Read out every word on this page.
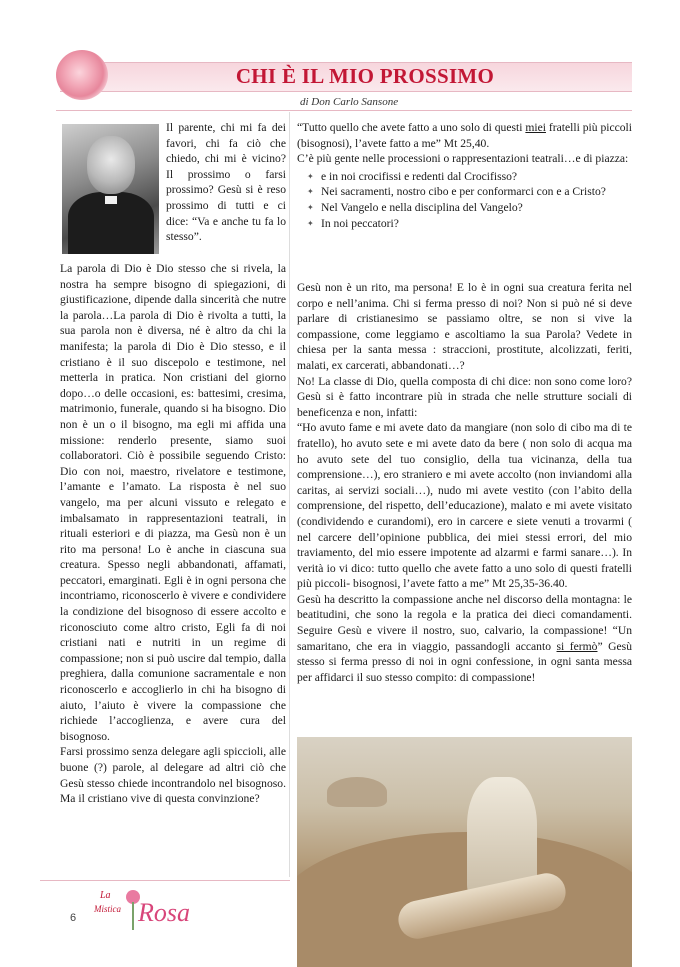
CHI È IL MIO PROSSIMO
di Don Carlo Sansone

Il parente, chi mi fa dei favori, chi fa ciò che chiedo, chi mi è vicino? Il prossimo o farsi prossimo? Gesù si è reso prossimo di tutti e ci dice: “Va e anche tu fa lo stesso”.

La parola di Dio è Dio stesso che si rivela, la nostra ha sempre bisogno di spiegazioni, di giustificazione, dipende dalla sincerità che nutre la parola…La parola di Dio è rivolta a tutti, la sua parola non è diversa, né è altro da chi la manifesta; la parola di Dio è Dio stesso, e il cristiano è il suo discepolo e testimone, nel metterla in pratica. Non cristiani del giorno dopo…o delle occasioni, es: battesimi, cresima, matrimonio, funerale, quando si ha bisogno. Dio non è un o il bisogno, ma egli mi affida una missione: renderlo presente, siamo suoi collaboratori. Ciò è possibile seguendo Cristo: Dio con noi, maestro, rivelatore e testimone, l’amante e l’amato. La risposta è nel suo vangelo, ma per alcuni vissuto e relegato e imbalsamato in rappresentazioni teatrali, in rituali esteriori e di piazza, ma Gesù non è un rito ma persona! Lo è anche in ciascuna sua creatura. Spesso negli abbandonati, affamati, peccatori, emarginati. Egli è in ogni persona che incontriamo, riconoscerlo è vivere e condividere la condizione del bisognoso di essere accolto e riconosciuto come altro cristo, Egli fa di noi cristiani nati e nutriti in un regime di compassione; non si può uscire dal tempio, dalla preghiera, dalla comunione sacramentale e non riconoscerlo e accoglierlo in chi ha bisogno di aiuto, l’aiuto è vivere la compassione che richiede l’accoglienza, e avere cura del bisognoso.

Farsi prossimo senza delegare agli spiccioli, alle buone (?) parole, al delegare ad altri ciò che Gesù stesso chiede incontrandolo nel bisognoso. Ma il cristiano vive di questa convinzione?

“Tutto quello che avete fatto a uno solo di questi miei fratelli più piccoli (bisognosi), l’avete fatto a me” Mt 25,40.

C’è più gente nelle processioni o rappresentazioni teatrali…e di piazza:

✦ e in noi crocifissi e redenti dal Crocifisso?
✦ Nei sacramenti, nostro cibo e per conformarci con e a Cristo?
✦ Nel Vangelo e nella disciplina del Vangelo?
✦ In noi peccatori?

Gesù non è un rito, ma persona! E lo è in ogni sua creatura ferita nel corpo e nell’anima. Chi si ferma presso di noi? Non si può né si deve parlare di cristianesimo se passiamo oltre, se non si vive la compassione, come leggiamo e ascoltiamo la sua Parola? Vedete in chiesa per la santa messa : straccioni, prostitute, alcolizzati, feriti, malati, ex carcerati, abbandonati…?

No! La classe di Dio, quella composta di chi dice: non sono come loro? Gesù si è fatto incontrare più in strada che nelle strutture sociali di beneficenza e non, infatti:

“Ho avuto fame e mi avete dato da mangiare (non solo di cibo ma di te fratello), ho avuto sete e mi avete dato da bere ( non solo di acqua ma ho avuto sete del tuo consiglio, della tua vicinanza, della tua comprensione…), ero straniero e mi avete accolto (non inviandomi alla caritas, ai servizi sociali…), nudo mi avete vestito (con l’abito della comprensione, del rispetto, dell’educazione), malato e mi avete visitato (condividendo e curandomi), ero in carcere e siete venuti a trovarmi ( nel carcere dell’opinione pubblica, dei miei stessi errori, del mio traviamento, del mio essere impotente ad alzarmi e farmi sanare…). In verità io vi dico: tutto quello che avete fatto a uno solo di questi fratelli più piccoli- bisognosi, l’avete fatto a me” Mt 25,35-36.40.

Gesù ha descritto la compassione anche nel discorso della montagna: le beatitudini, che sono la regola e la pratica dei dieci comandamenti. Seguire Gesù e vivere il nostro, suo, calvario, la compassione! “Un samaritano, che era in viaggio, passandogli accanto si fermò” Gesù stesso si ferma presso di noi in ogni confessione, in ogni santa messa per affidarci il suo stesso compito: di compassione!

6
La
Mistica Rosa
